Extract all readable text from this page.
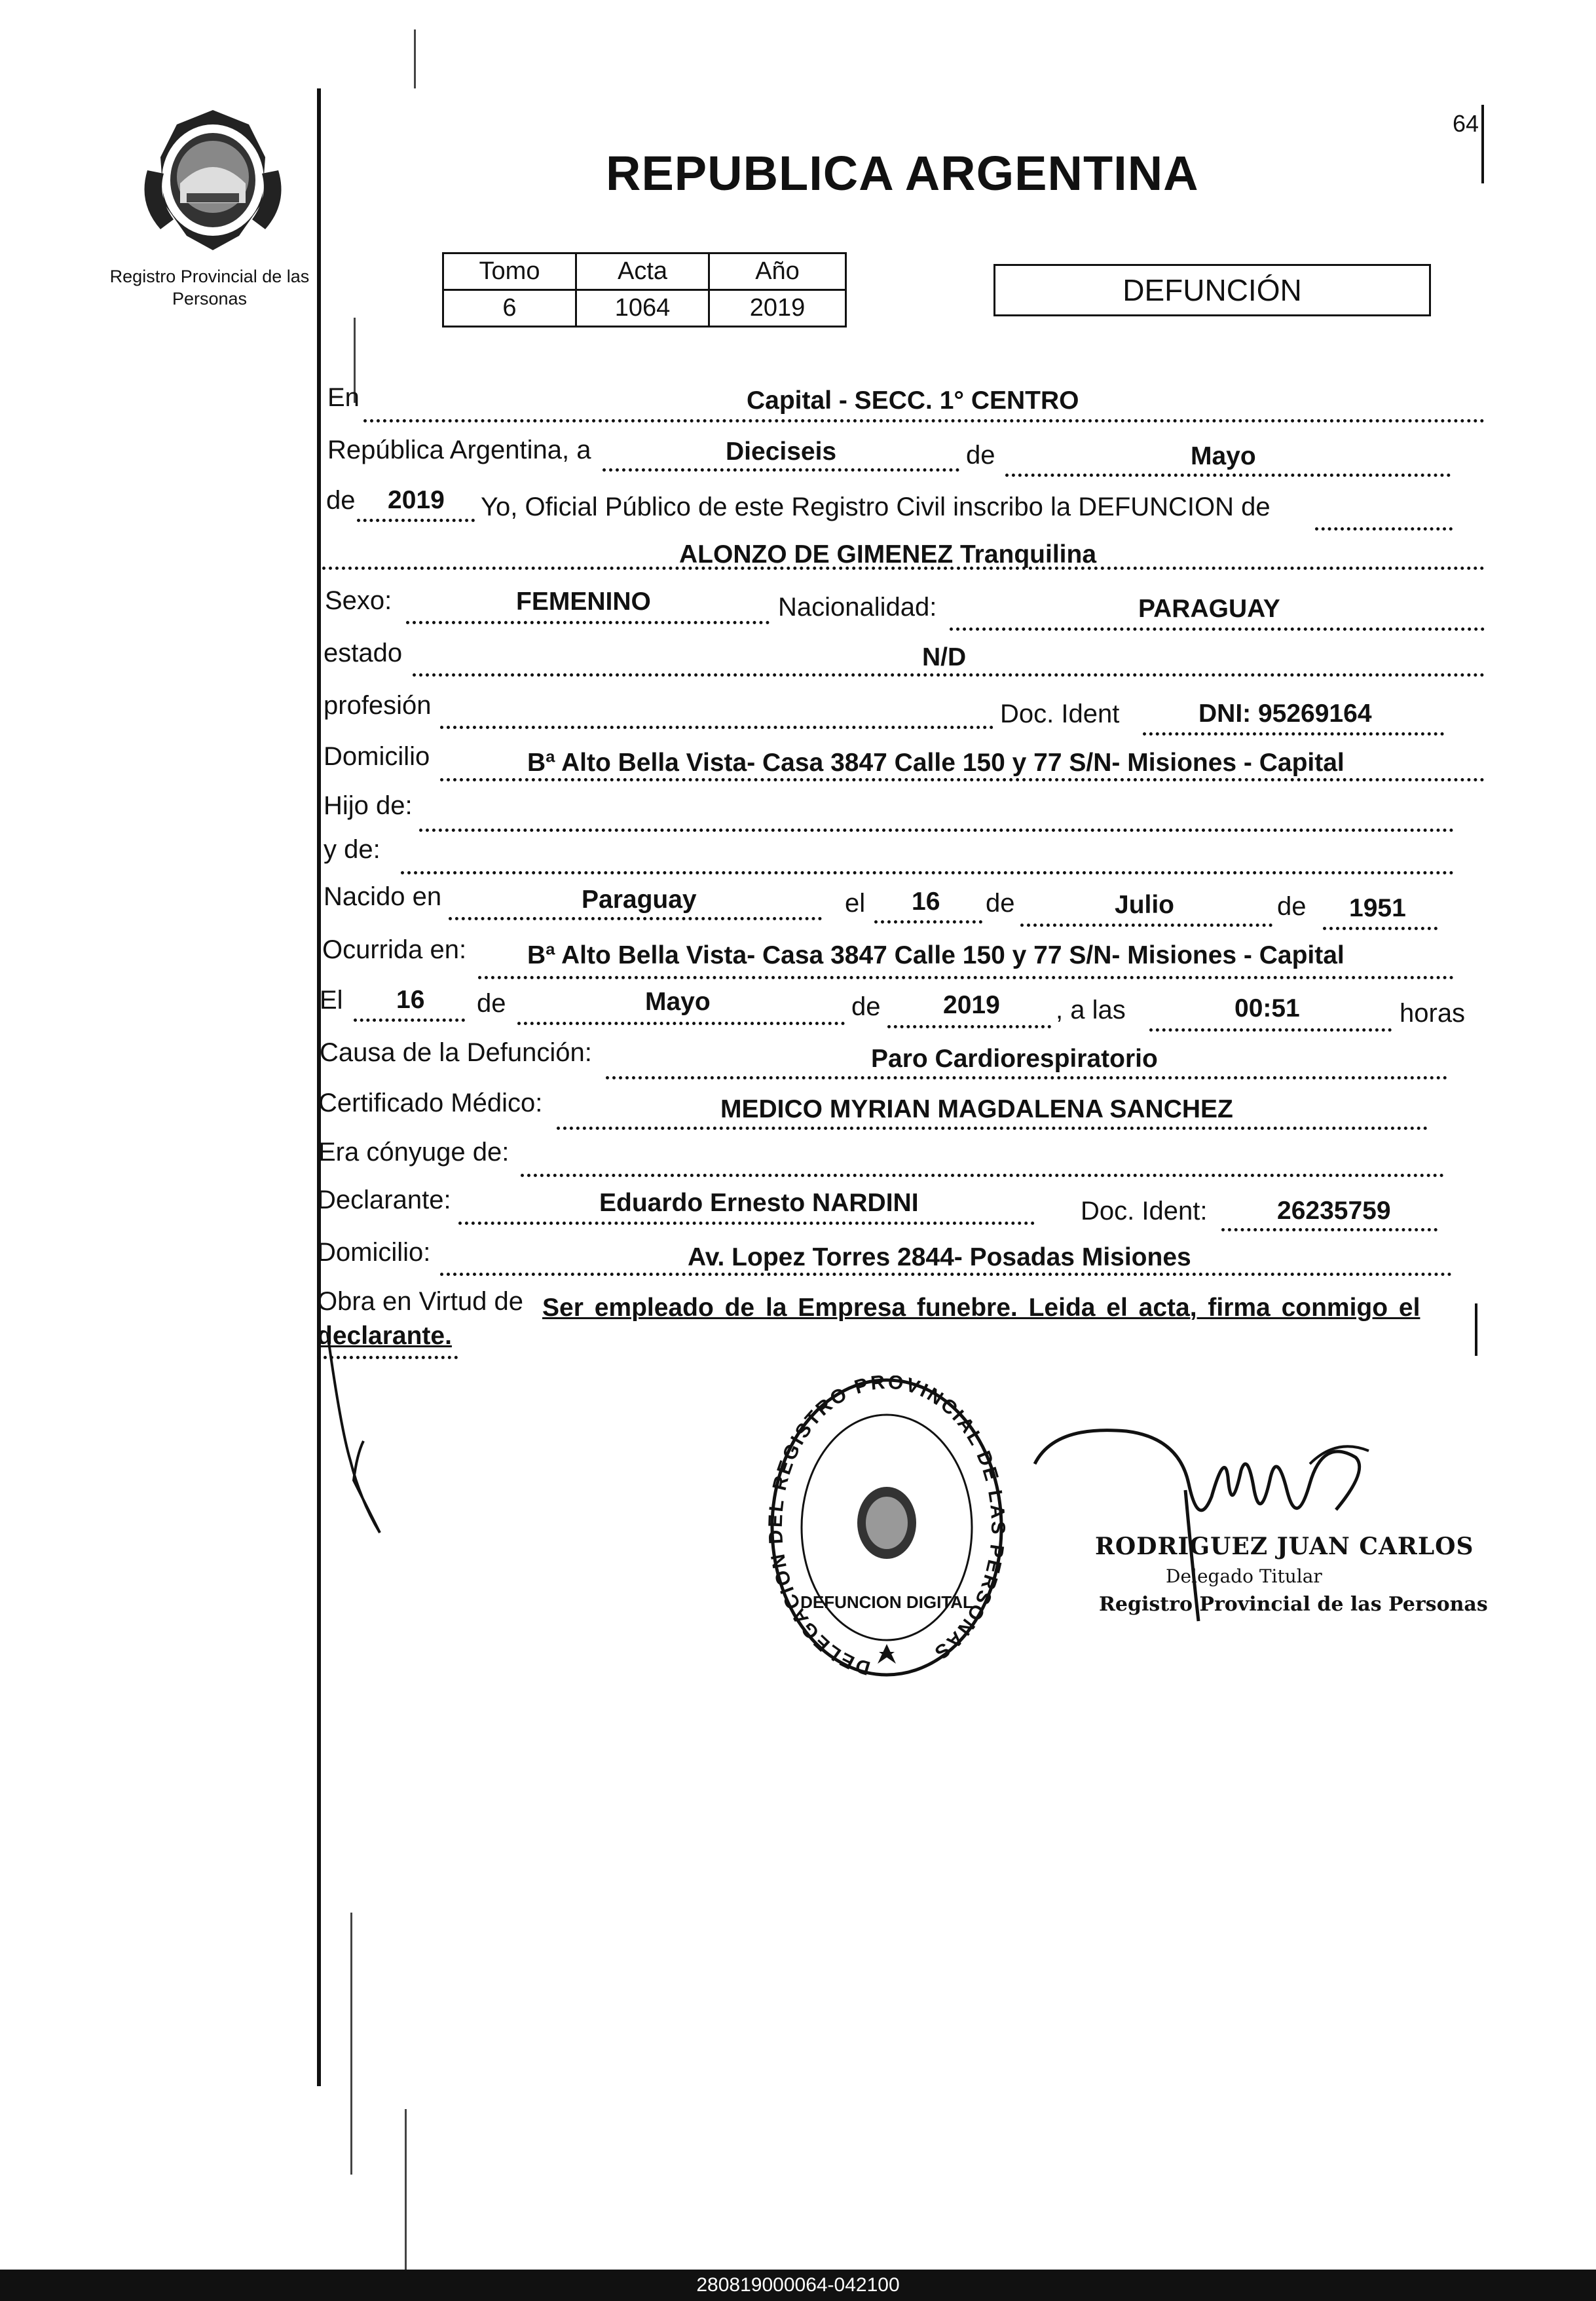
64
Registro Provincial de las Personas
REPUBLICA ARGENTINA
Tomo	Acta	Año
6	1064	2019
DEFUNCIÓN
En	Capital - SECC. 1° CENTRO
República Argentina, a	Dieciseis	de	Mayo
de 2019 Yo, Oficial Público de este Registro Civil inscribo la DEFUNCION de
ALONZO DE GIMENEZ Tranquilina
Sexo:	FEMENINO	Nacionalidad:	PARAGUAY
estado	N/D
profesión	Doc. Ident	DNI: 95269164
Domicilio	Bª Alto Bella Vista- Casa 3847 Calle 150 y 77 S/N- Misiones - Capital
Hijo de:
y de:
Nacido en	Paraguay	el 16 de	Julio	de 1951
Ocurrida en: Bª Alto Bella Vista- Casa 3847 Calle 150 y 77 S/N- Misiones - Capital
El 16 de	Mayo	de 2019 , a las	00:51	horas
Causa de la Defunción:	Paro Cardiorespiratorio
Certificado Médico:	MEDICO MYRIAN MAGDALENA SANCHEZ
Era cónyuge de:
Declarante:	Eduardo Ernesto NARDINI	Doc. Ident:	26235759
Domicilio:	Av. Lopez Torres 2844- Posadas Misiones
Obra en Virtud de Ser empleado de la Empresa funebre. Leida el acta, firma conmigo el
declarante.
DELEGACION L REGISTRO PROVINCIAL DE LAS PERSONAS
DEFUNCION DIGITAL
RODRIGUEZ JUAN CARLOS
Delegado Titular
Registro Provincial de las Personas
280819000064-042100
